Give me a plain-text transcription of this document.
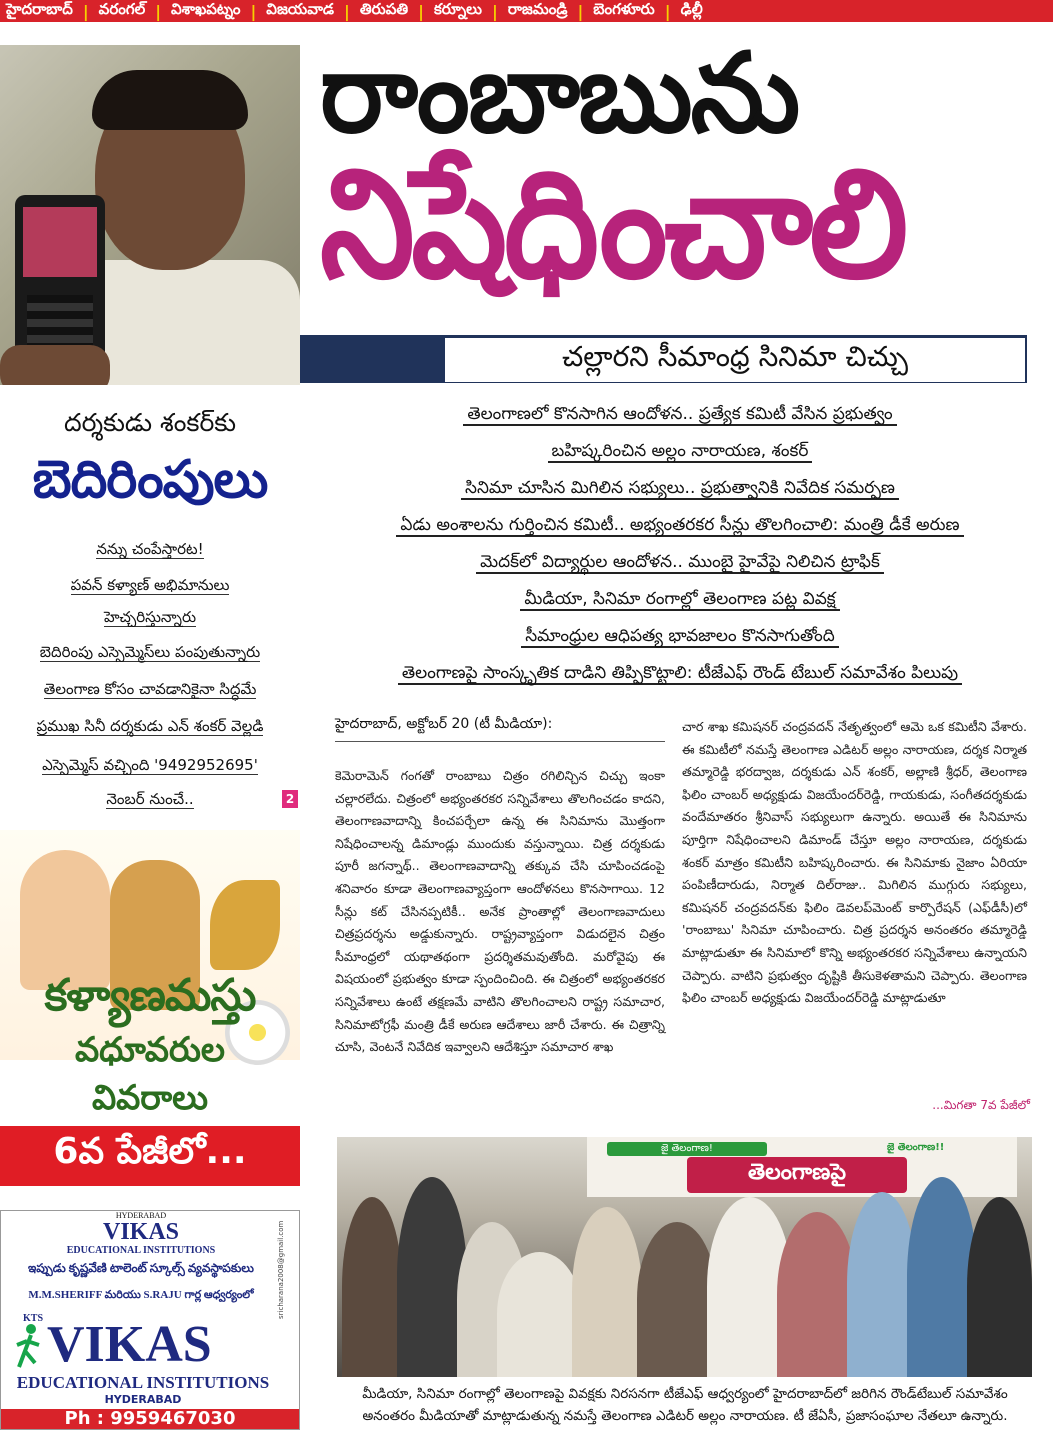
హైదరాబాద్ | వరంగల్ | విశాఖపట్నం | విజయవాడ | తిరుపతి | కర్నూలు | రాజమండ్రి | బెంగళూరు | ఢిల్లీ
రాంబాబును
నిషేధించాలి
చల్లారని సీమాంధ్ర సినిమా చిచ్చు
తెలంగాణలో కొనసాగిన ఆందోళన.. ప్రత్యేక కమిటీ వేసిన ప్రభుత్వం
బహిష్కరించిన అల్లం నారాయణ, శంకర్
సినిమా చూసిన మిగిలిన సభ్యులు.. ప్రభుత్వానికి నివేదిక సమర్పణ
ఏడు అంశాలను గుర్తించిన కమిటీ.. అభ్యంతరకర సీన్లు తొలగించాలి: మంత్రి డీకే అరుణ
మెదక్‌లో విద్యార్థుల ఆందోళన.. ముంబై హైవేపై నిలిచిన ట్రాఫిక్
మీడియా, సినిమా రంగాల్లో తెలంగాణ పట్ల వివక్ష
సీమాంధ్రుల ఆధిపత్య భావజాలం కొనసాగుతోంది
తెలంగాణపై సాంస్కృతిక దాడిని తిప్పికొట్టాలి: టీజేఎఫ్ రౌండ్ టేబుల్ సమావేశం పిలుపు
దర్శకుడు శంకర్‌కు
బెదిరింపులు
నన్ను చంపేస్తారట!
పవన్ కళ్యాణ్ అభిమానులు
హెచ్చరిస్తున్నారు
బెదిరింపు ఎస్సెమ్మెస్‌లు పంపుతున్నారు
తెలంగాణ కోసం చావడానికైనా సిద్ధమే
ప్రముఖ సినీ దర్శకుడు ఎన్ శంకర్ వెల్లడి
ఎస్సెమ్మెస్ వచ్చింది '9492952695'
నెంబర్ నుంచే..	2
కళ్యాణమస్తు
వధూవరుల
వివరాలు
6వ పేజీలో...
HYDERABAD
VIKAS
EDUCATIONAL INSTITUTIONS
ఇప్పుడు కృష్ణవేణి టాలెంట్ స్కూల్స్ వ్యవస్థాపకులు
M.M.SHERIFF మరియు S.RAJU గార్ల ఆధ్వర్యంలో
KTS VIKAS
EDUCATIONAL INSTITUTIONS
HYDERABAD
sricharana2008@gmail.com
Ph : 9959467030
హైదరాబాద్, అక్టోబర్ 20 (టీ మీడియా):
కెమెరామెన్ గంగతో రాంబాబు చిత్రం రగిలిన్చిన చిచ్చు ఇంకా చల్లారలేదు. చిత్రంలో అభ్యంతరకర సన్నివేశాలు తొలగించడం కాదని, తెలంగాణవాదాన్ని కించపర్చేలా ఉన్న ఈ సినిమాను మొత్తంగా నిషేధించాలన్న డిమాండ్లు ముందుకు వస్తున్నాయి. చిత్ర దర్శకుడు పూరీ జగన్నాథ్.. తెలంగాణవాదాన్ని తక్కువ చేసి చూపించడంపై శనివారం కూడా తెలంగాణవ్యాప్తంగా ఆందోళనలు కొనసాగాయి. 12 సీన్లు కట్ చేసినప్పటికీ.. అనేక ప్రాంతాల్లో తెలంగాణవాదులు చిత్రప్రదర్శను అడ్డుకున్నారు. రాష్ట్రవ్యాప్తంగా విడుదలైన చిత్రం సీమాంధ్రలో యథాతథంగా ప్రదర్శితమవుతోంది. మరోవైపు ఈ విషయంలో ప్రభుత్వం కూడా స్పందించింది. ఈ చిత్రంలో అభ్యంతరకర సన్నివేశాలు ఉంటే తక్షణమే వాటిని తొలగించాలని రాష్ట్ర సమాచార, సినిమాటోగ్రఫీ మంత్రి డీకే అరుణ ఆదేశాలు జారీ చేశారు. ఈ చిత్రాన్ని చూసి, వెంటనే నివేదిక ఇవ్వాలని ఆదేశిస్తూ సమాచార శాఖ
చార శాఖ కమిషనర్ చంద్రవదన్ నేతృత్వంలో ఆమె ఒక కమిటీని వేశారు. ఈ కమిటీలో నమస్తే తెలంగాణ ఎడిటర్ అల్లం నారాయణ, దర్శక నిర్మాత తమ్మారెడ్డి భరద్వాజ, దర్శకుడు ఎన్ శంకర్, అల్లాణి శ్రీధర్, తెలంగాణ ఫిలిం చాంబర్ అధ్యక్షుడు విజయేందర్‌రెడ్డి, గాయకుడు, సంగీతదర్శకుడు వందేమాతరం శ్రీనివాస్ సభ్యులుగా ఉన్నారు. అయితే ఈ సినిమాను పూర్తిగా నిషేధించాలని డిమాండ్ చేస్తూ అల్లం నారాయణ, దర్శకుడు శంకర్ మాత్రం కమిటీని బహిష్కరించారు. ఈ సినిమాకు నైజాం ఏరియా పంపిణీదారుడు, నిర్మాత దిల్‌రాజు.. మిగిలిన ముగ్గురు సభ్యులు, కమిషనర్ చంద్రవదన్‌కు ఫిలిం డెవలప్‌మెంట్ కార్పొరేషన్ (ఎఫ్‌డీసీ)లో 'రాంబాబు' సినిమా చూపించారు. చిత్ర ప్రదర్శన అనంతరం తమ్మారెడ్డి మాట్లాడుతూ ఈ సినిమాలో కొన్ని అభ్యంతరకర సన్నివేశాలు ఉన్నాయని చెప్పారు. వాటిని ప్రభుత్వం దృష్టికి తీసుకెళతామని చెప్పారు. తెలంగాణ ఫిలిం చాంబర్ అధ్యక్షుడు విజయేందర్‌రెడ్డి మాట్లాడుతూ
...మిగతా 7వ పేజీలో
జై తెలంగాణ!	జై తెలంగాణ!!
తెలంగాణపై
మీడియా, సినిమా రంగాల్లో తెలంగాణపై వివక్షకు నిరసనగా టీజేఎఫ్ ఆధ్వర్యంలో హైదరాబాద్‌లో జరిగిన రౌండ్‌టేబుల్ సమావేశం అనంతరం మీడియాతో మాట్లాడుతున్న నమస్తే తెలంగాణ ఎడిటర్ అల్లం నారాయణ. టీ జేఏసీ, ప్రజాసంఘాల నేతలూ ఉన్నారు.
